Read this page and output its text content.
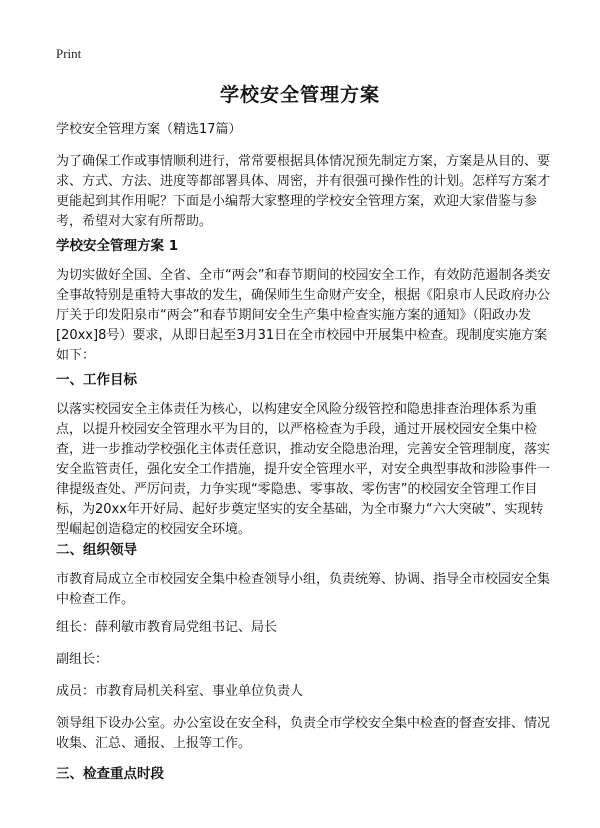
Print
学校安全管理方案

学校安全管理方案（精选17篇）

为了确保工作或事情顺利进行，常常要根据具体情况预先制定方案，方案是从目的、要求、方式、方法、进度等都部署具体、周密，并有很强可操作性的计划。怎样写方案才更能起到其作用呢？下面是小编帮大家整理的学校安全管理方案，欢迎大家借鉴与参考，希望对大家有所帮助。

学校安全管理方案 1

为切实做好全国、全省、全市“两会”和春节期间的校园安全工作，有效防范遏制各类安全事故特别是重特大事故的发生，确保师生生命财产安全，根据《阳泉市人民政府办公厅关于印发阳泉市“两会”和春节期间安全生产集中检查实施方案的通知》（阳政办发[20xx]8号）要求，从即日起至3月31日在全市校园中开展集中检查。现制度实施方案如下：

一、工作目标

以落实校园安全主体责任为核心，以构建安全风险分级管控和隐患排查治理体系为重点，以提升校园安全管理水平为目的，以严格检查为手段，通过开展校园安全集中检查，进一步推动学校强化主体责任意识，推动安全隐患治理，完善安全管理制度，落实安全监管责任，强化安全工作措施，提升安全管理水平，对安全典型事故和涉险事件一律提级查处、严厉问责，力争实现“零隐患、零事故、零伤害”的校园安全管理工作目标，为20xx年开好局、起好步奠定坚实的安全基础，为全市聚力“六大突破”、实现转型崛起创造稳定的校园安全环境。

二、组织领导

市教育局成立全市校园安全集中检查领导小组，负责统筹、协调、指导全市校园安全集中检查工作。

组长：薛利敏市教育局党组书记、局长

副组长：

成员：市教育局机关科室、事业单位负责人

领导组下设办公室。办公室设在安全科，负责全市学校安全集中检查的督查安排、情况收集、汇总、通报、上报等工作。

三、检查重点时段
